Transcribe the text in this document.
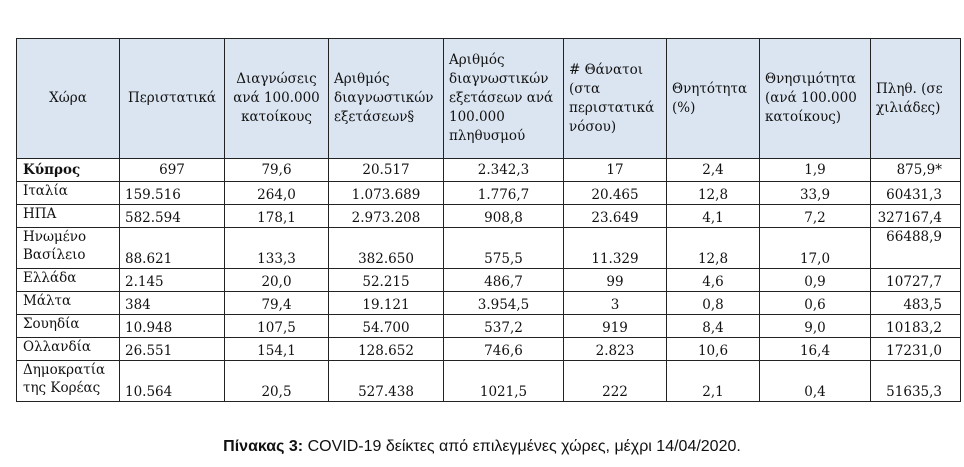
Χώρα	Περιστατικά	Διαγνώσεις ανά 100.000 κατοίκους	Αριθμός διαγνωστικών εξετάσεων§	Αριθμός διαγνωστικών εξετάσεων ανά 100.000 πληθυσμού	# Θάνατοι (στα περιστατικά νόσου)	Θνητότητα (%)	Θνησιμότητα (ανά 100.000 κατοίκους)	Πληθ. (σε χιλιάδες)
Κύπρος	697	79,6	20.517	2.342,3	17	2,4	1,9	875,9*
Ιταλία	159.516	264,0	1.073.689	1.776,7	20.465	12,8	33,9	60431,3
ΗΠΑ	582.594	178,1	2.973.208	908,8	23.649	4,1	7,2	327167,4
Ηνωμένο Βασίλειο	88.621	133,3	382.650	575,5	11.329	12,8	17,0	66488,9
Ελλάδα	2.145	20,0	52.215	486,7	99	4,6	0,9	10727,7
Μάλτα	384	79,4	19.121	3.954,5	3	0,8	0,6	483,5
Σουηδία	10.948	107,5	54.700	537,2	919	8,4	9,0	10183,2
Ολλανδία	26.551	154,1	128.652	746,6	2.823	10,6	16,4	17231,0
Δημοκρατία της Κορέας	10.564	20,5	527.438	1021,5	222	2,1	0,4	51635,3
Πίνακας 3: COVID-19 δείκτες από επιλεγμένες χώρες, μέχρι 14/04/2020.
